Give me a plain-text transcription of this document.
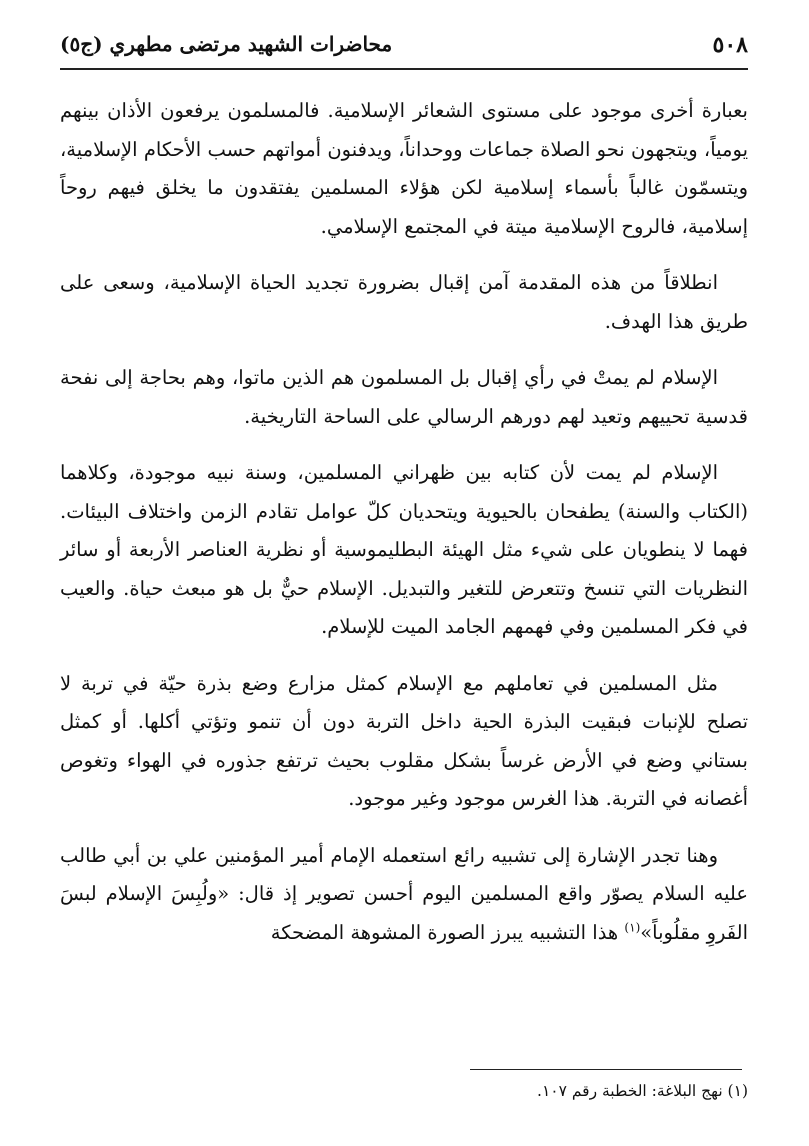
٥٠٨
محاضرات الشهيد مرتضى مطهري (ج٥)

بعبارة أخرى موجود على مستوى الشعائر الإسلامية. فالمسلمون يرفعون الأذان بينهم يومياً، ويتجهون نحو الصلاة جماعات ووحداناً، ويدفنون أمواتهم حسب الأحكام الإسلامية، ويتسمّون غالباً بأسماء إسلامية لكن هؤلاء المسلمين يفتقدون ما يخلق فيهم روحاً إسلامية، فالروح الإسلامية ميتة في المجتمع الإسلامي.

انطلاقاً من هذه المقدمة آمن إقبال بضرورة تجديد الحياة الإسلامية، وسعى على طريق هذا الهدف.

الإسلام لم يمتْ في رأي إقبال بل المسلمون هم الذين ماتوا، وهم بحاجة إلى نفحة قدسية تحييهم وتعيد لهم دورهم الرسالي على الساحة التاريخية.

الإسلام لم يمت لأن كتابه بين ظهراني المسلمين، وسنة نبيه موجودة، وكلاهما (الكتاب والسنة) يطفحان بالحيوية ويتحديان كلّ عوامل تقادم الزمن واختلاف البيئات. فهما لا ينطويان على شيء مثل الهيئة البطليموسية أو نظرية العناصر الأربعة أو سائر النظريات التي تنسخ وتتعرض للتغير والتبديل. الإسلام حيٌّ بل هو مبعث حياة. والعيب في فكر المسلمين وفي فهمهم الجامد الميت للإسلام.

مثل المسلمين في تعاملهم مع الإسلام كمثل مزارع وضع بذرة حيّة في تربة لا تصلح للإنبات فبقيت البذرة الحية داخل التربة دون أن تنمو وتؤتي أكلها. أو كمثل بستاني وضع في الأرض غرساً بشكل مقلوب بحيث ترتفع جذوره في الهواء وتغوص أغصانه في التربة. هذا الغرس موجود وغير موجود.

وهنا تجدر الإشارة إلى تشبيه رائع استعمله الإمام أمير المؤمنين علي بن أبي طالب عليه السلام يصوّر واقع المسلمين اليوم أحسن تصوير إذ قال: «ولُبِسَ الإسلام لبسَ الفَروِ مقلُوباً»$^{(١)}$ هذا التشبيه يبرز الصورة المشوهة المضحكة

(١) نهج البلاغة: الخطبة رقم ١٠٧.
